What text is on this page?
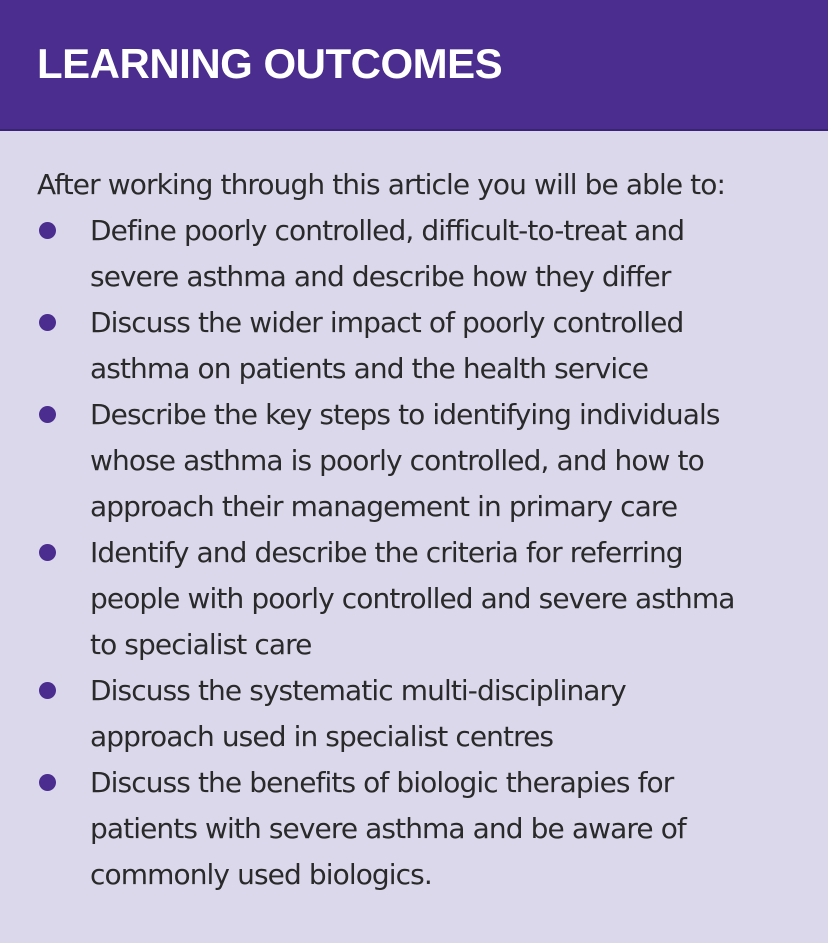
LEARNING OUTCOMES

After working through this article you will be able to:

Define poorly controlled, difficult-to-treat and
severe asthma and describe how they differ
Discuss the wider impact of poorly controlled
asthma on patients and the health service
Describe the key steps to identifying individuals
whose asthma is poorly controlled, and how to
approach their management in primary care
Identify and describe the criteria for referring
people with poorly controlled and severe asthma
to specialist care
Discuss the systematic multi-disciplinary
approach used in specialist centres
Discuss the benefits of biologic therapies for
patients with severe asthma and be aware of
commonly used biologics.
